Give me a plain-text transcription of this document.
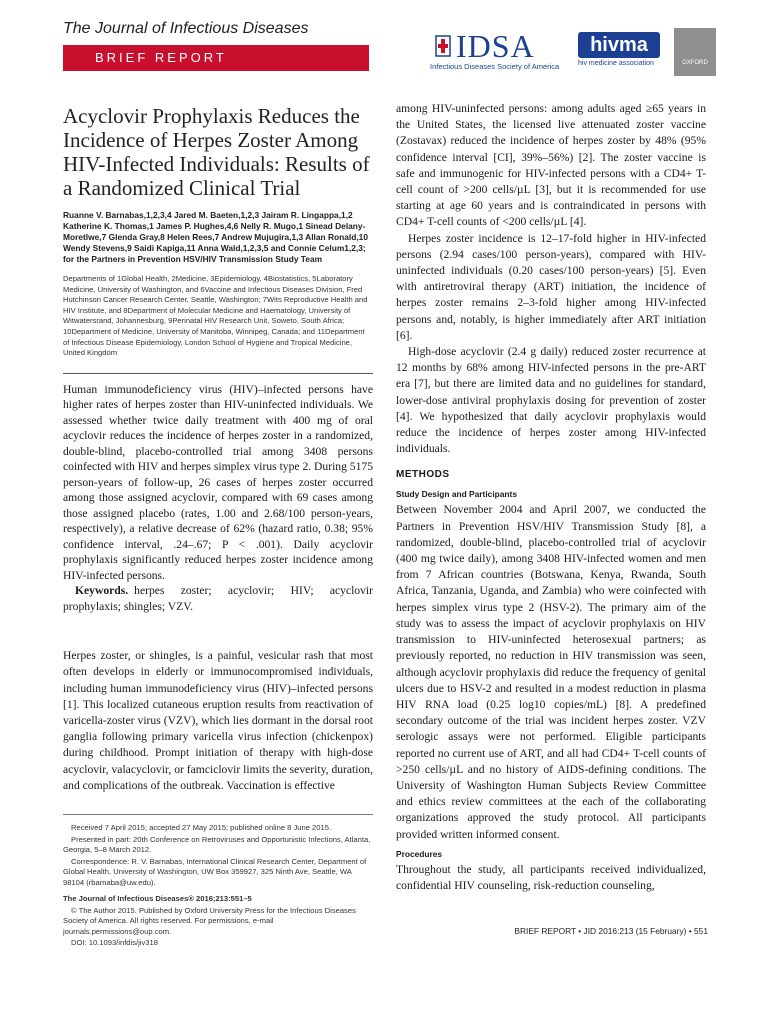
The Journal of Infectious Diseases
BRIEF REPORT	IDSA
Infectious Diseases Society of America
hivma
hiv medicine association	OXFORD
Acyclovir Prophylaxis Reduces the Incidence of Herpes Zoster Among HIV-Infected Individuals: Results of a Randomized Clinical Trial

Ruanne V. Barnabas,1,2,3,4 Jared M. Baeten,1,2,3 Jairam R. Lingappa,1,2 Katherine K. Thomas,1 James P. Hughes,4,6 Nelly R. Mugo,1 Sinead Delany-Moretlwe,7 Glenda Gray,8 Helen Rees,7 Andrew Mujugira,1,3 Allan Ronald,10 Wendy Stevens,9 Saidi Kapiga,11 Anna Wald,1,2,3,5 and Connie Celum1,2,3; for the Partners in Prevention HSV/HIV Transmission Study Team

Departments of 1Global Health, 2Medicine, 3Epidemiology, 4Biostatistics, 5Laboratory Medicine, University of Washington, and 6Vaccine and Infectious Diseases Division, Fred Hutchinson Cancer Research Center, Seattle, Washington; 7Wits Reproductive Health and HIV Institute, and 8Department of Molecular Medicine and Haematology, University of Witwatersrand, Johannesburg, 9Perinatal HIV Research Unit, Soweto, South Africa; 10Department of Medicine, University of Manitoba, Winnipeg, Canada; and 11Department of Infectious Disease Epidemiology, London School of Hygiene and Tropical Medicine, United Kingdom

Human immunodeficiency virus (HIV)–infected persons have higher rates of herpes zoster than HIV-uninfected individuals. We assessed whether twice daily treatment with 400 mg of oral acyclovir reduces the incidence of herpes zoster in a randomized, double-blind, placebo-controlled trial among 3408 persons coinfected with HIV and herpes simplex virus type 2. During 5175 person-years of follow-up, 26 cases of herpes zoster occurred among those assigned acyclovir, compared with 69 cases among those assigned placebo (rates, 1.00 and 2.68/100 person-years, respectively), a relative decrease of 62% (hazard ratio, 0.38; 95% confidence interval, .24–.67; P < .001). Daily acyclovir prophylaxis significantly reduced herpes zoster incidence among HIV-infected persons.

Keywords. herpes zoster; acyclovir; HIV; acyclovir prophylaxis; shingles; VZV.

Herpes zoster, or shingles, is a painful, vesicular rash that most often develops in elderly or immunocompromised individuals, including human immunodeficiency virus (HIV)–infected persons [1]. This localized cutaneous eruption results from reactivation of varicella-zoster virus (VZV), which lies dormant in the dorsal root ganglia following primary varicella virus infection (chickenpox) during childhood. Prompt initiation of therapy with high-dose acyclovir, valacyclovir, or famciclovir limits the severity, duration, and complications of the outbreak. Vaccination is effective

Received 7 April 2015; accepted 27 May 2015; published online 8 June 2015.

Presented in part: 20th Conference on Retroviruses and Opportunistic Infections, Atlanta, Georgia, 5–8 March 2012.

Correspondence: R. V. Barnabas, International Clinical Research Center, Department of Global Health, University of Washington, UW Box 359927, 325 Ninth Ave, Seattle, WA 98104 (rbarnaba@uw.edu).

The Journal of Infectious Diseases® 2016;213:551–5

© The Author 2015. Published by Oxford University Press for the Infectious Diseases Society of America. All rights reserved. For permissions, e-mail journals.permissions@oup.com.

DOI: 10.1093/infdis/jiv318

among HIV-uninfected persons: among adults aged ≥65 years in the United States, the licensed live attenuated zoster vaccine (Zostavax) reduced the incidence of herpes zoster by 48% (95% confidence interval [CI], 39%–56%) [2]. The zoster vaccine is safe and immunogenic for HIV-infected persons with a CD4+ T-cell count of >200 cells/µL [3], but it is recommended for use starting at age 60 years and is contraindicated in persons with CD4+ T-cell counts of <200 cells/µL [4].

Herpes zoster incidence is 12–17-fold higher in HIV-infected persons (2.94 cases/100 person-years), compared with HIV-uninfected individuals (0.20 cases/100 person-years) [5]. Even with antiretroviral therapy (ART) initiation, the incidence of herpes zoster remains 2–3-fold higher among HIV-infected persons and, notably, is higher immediately after ART initiation [6].

High-dose acyclovir (2.4 g daily) reduced zoster recurrence at 12 months by 68% among HIV-infected persons in the pre-ART era [7], but there are limited data and no guidelines for standard, lower-dose antiviral prophylaxis dosing for prevention of zoster [4]. We hypothesized that daily acyclovir prophylaxis would reduce the incidence of herpes zoster among HIV-infected individuals.

METHODS
Study Design and Participants

Between November 2004 and April 2007, we conducted the Partners in Prevention HSV/HIV Transmission Study [8], a randomized, double-blind, placebo-controlled trial of acyclovir (400 mg twice daily), among 3408 HIV-infected women and men from 7 African countries (Botswana, Kenya, Rwanda, South Africa, Tanzania, Uganda, and Zambia) who were coinfected with herpes simplex virus type 2 (HSV-2). The primary aim of the study was to assess the impact of acyclovir prophylaxis on HIV transmission to HIV-uninfected heterosexual partners; as previously reported, no reduction in HIV transmission was seen, although acyclovir prophylaxis did reduce the frequency of genital ulcers due to HSV-2 and resulted in a modest reduction in plasma HIV RNA load (0.25 log10 copies/mL) [8]. A predefined secondary outcome of the trial was incident herpes zoster. VZV serologic assays were not performed. Eligible participants reported no current use of ART, and all had CD4+ T-cell counts of >250 cells/µL and no history of AIDS-defining conditions. The University of Washington Human Subjects Review Committee and ethics review committees at the each of the collaborating organizations approved the study protocol. All participants provided written informed consent.

Procedures

Throughout the study, all participants received individualized, confidential HIV counseling, risk-reduction counseling,

BRIEF REPORT • JID 2016:213 (15 February) • 551
